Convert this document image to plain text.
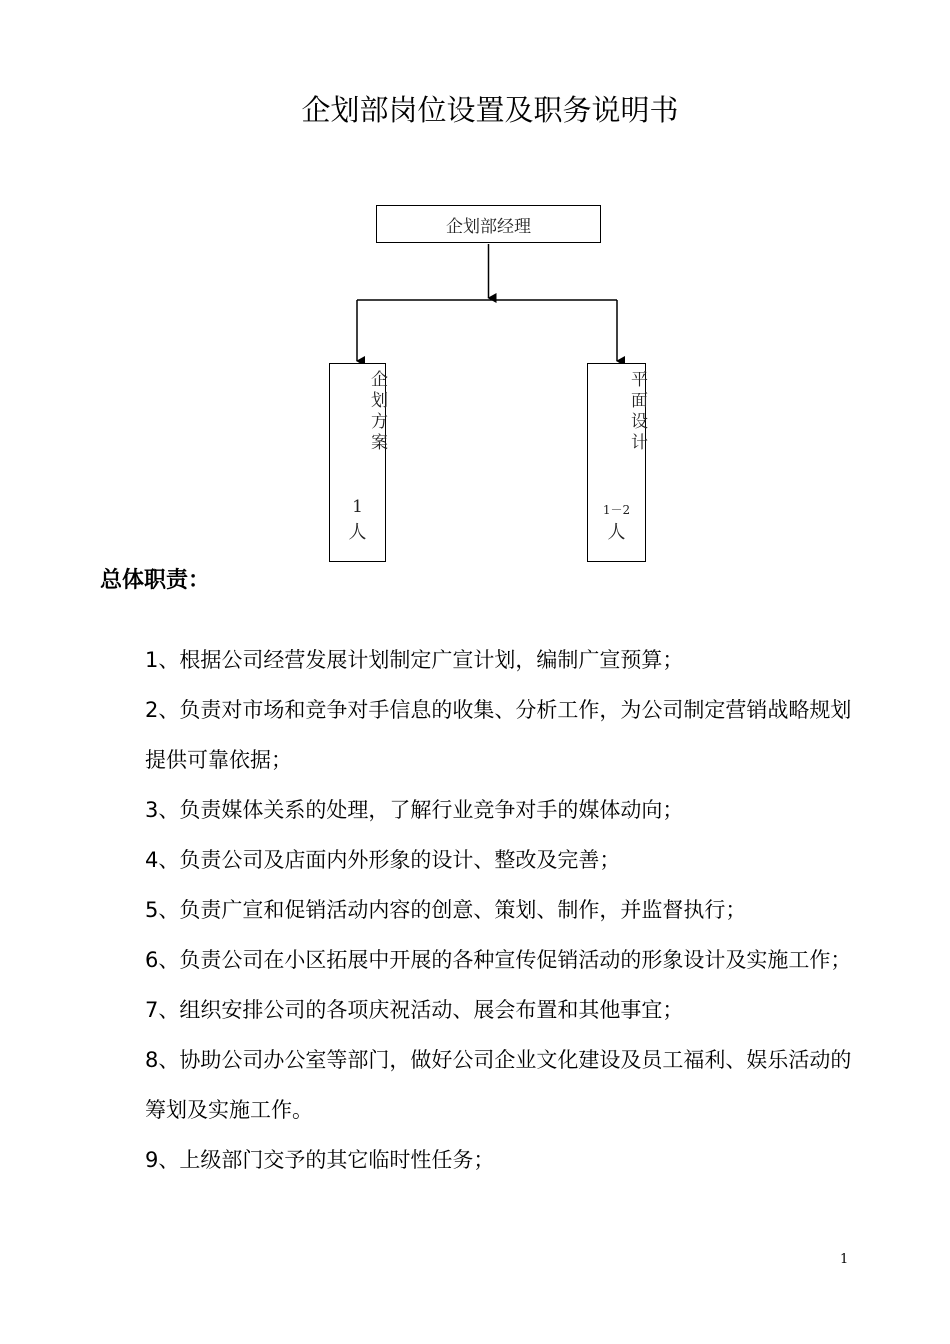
企划部岗位设置及职务说明书
企划部经理
企划方案
1
人
平面设计
1－2
人
总体职责：

1、根据公司经营发展计划制定广宣计划，编制广宣预算；

2、负责对市场和竞争对手信息的收集、分析工作，为公司制定营销战略规划提供可靠依据；

3、负责媒体关系的处理，了解行业竞争对手的媒体动向；

4、负责公司及店面内外形象的设计、整改及完善；

5、负责广宣和促销活动内容的创意、策划、制作，并监督执行；

6、负责公司在小区拓展中开展的各种宣传促销活动的形象设计及实施工作；

7、组织安排公司的各项庆祝活动、展会布置和其他事宜；

8、协助公司办公室等部门，做好公司企业文化建设及员工福利、娱乐活动的筹划及实施工作。

9、上级部门交予的其它临时性任务；

1
